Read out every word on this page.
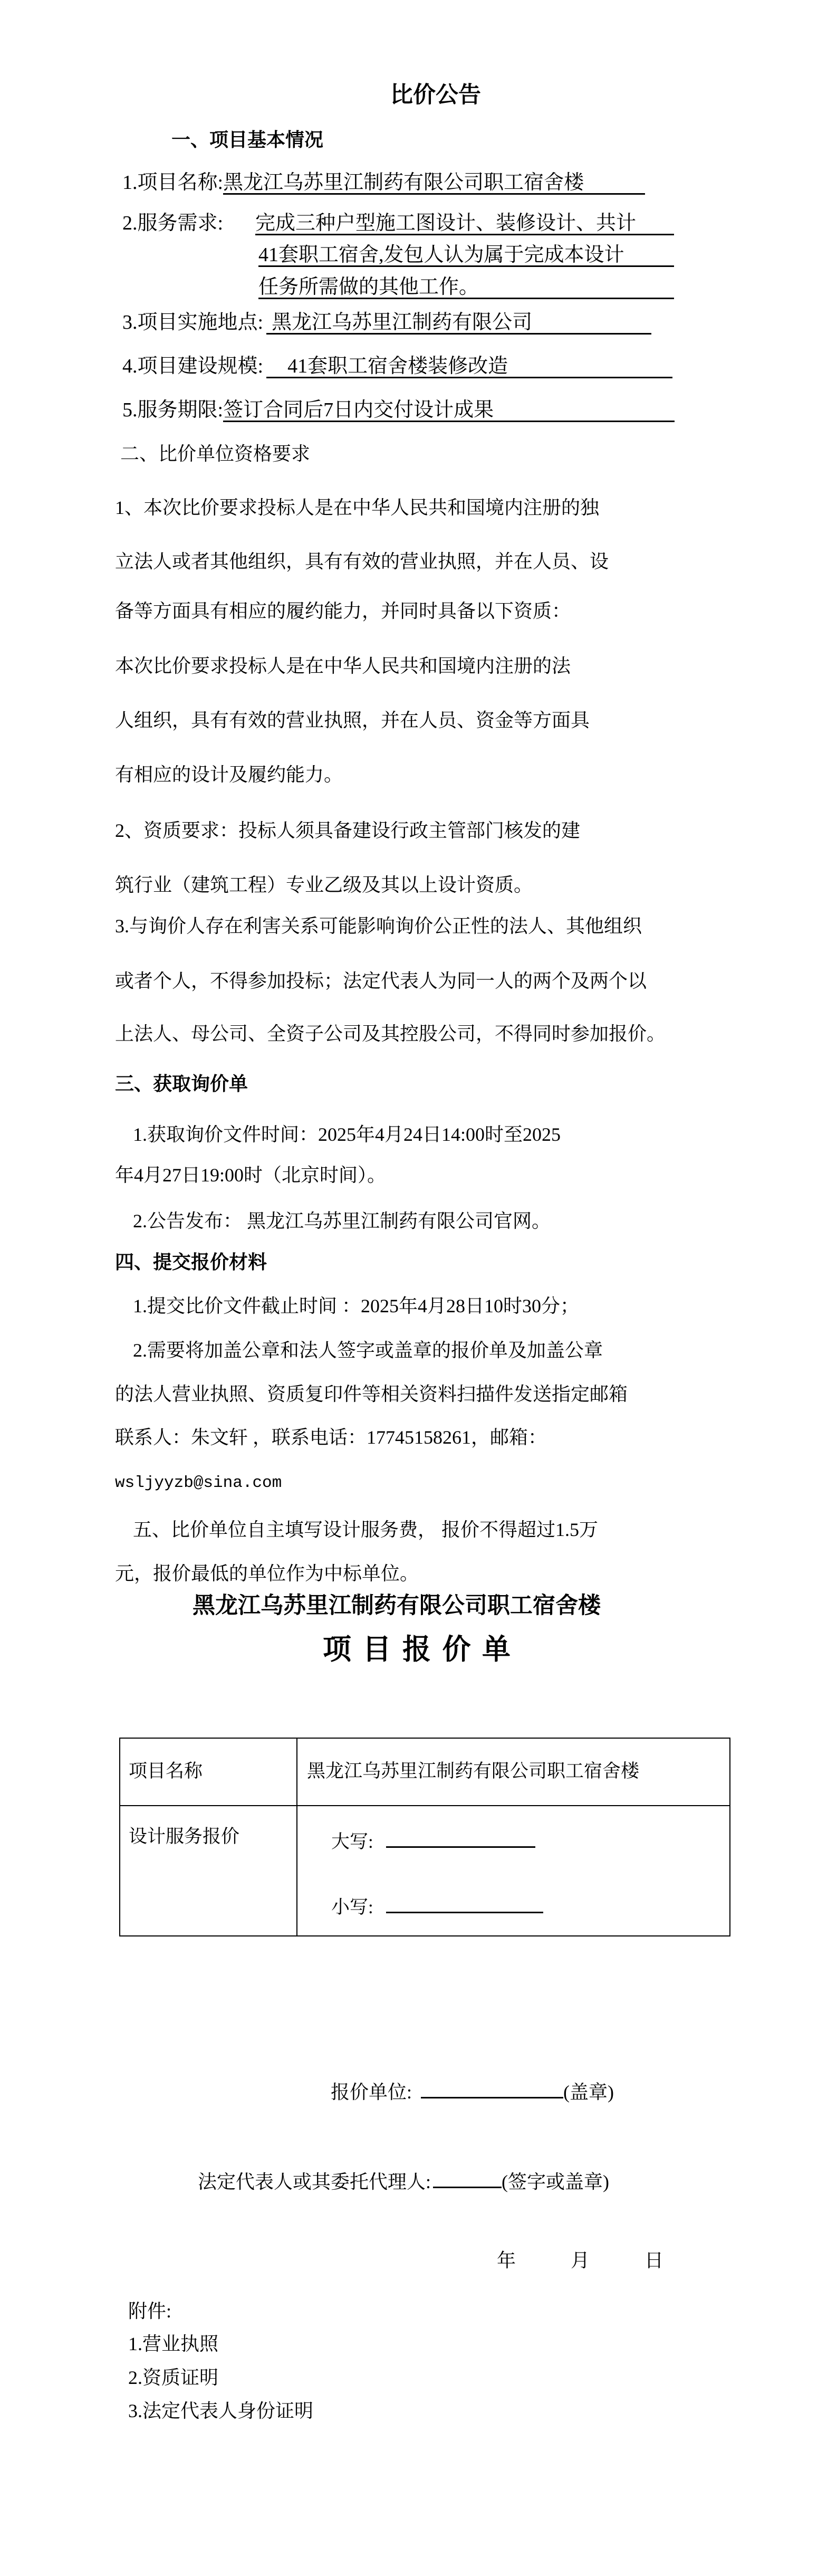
比价公告
一、项目基本情况
1.项目名称:黑龙江乌苏里江制药有限公司职工宿舍楼
2.服务需求: 完成三种户型施工图设计、装修设计、共计
41套职工宿舍,发包人认为属于完成本设计
任务所需做的其他工作。
3.项目实施地点: 黑龙江乌苏里江制药有限公司
4.项目建设规模: 41套职工宿舍楼装修改造
5.服务期限:签订合同后7日内交付设计成果
二、比价单位资格要求
1、本次比价要求投标人是在中华人民共和国境内注册的独
立法人或者其他组织，具有有效的营业执照，并在人员、设
备等方面具有相应的履约能力，并同时具备以下资质：
本次比价要求投标人是在中华人民共和国境内注册的法
人组织，具有有效的营业执照，并在人员、资金等方面具
有相应的设计及履约能力。
2、资质要求：投标人须具备建设行政主管部门核发的建
筑行业（建筑工程）专业乙级及其以上设计资质。
3.与询价人存在利害关系可能影响询价公正性的法人、其他组织
或者个人，不得参加投标；法定代表人为同一人的两个及两个以
上法人、母公司、全资子公司及其控股公司，不得同时参加报价。
三、获取询价单
1.获取询价文件时间：2025年4月24日14:00时至2025
年4月27日19:00时（北京时间）。
2.公告发布： 黑龙江乌苏里江制药有限公司官网。
四、提交报价材料
1.提交比价文件截止时间 ：2025年4月28日10时30分；
2.需要将加盖公章和法人签字或盖章的报价单及加盖公章
的法人营业执照、资质复印件等相关资料扫描件发送指定邮箱
联系人：朱文轩 ，联系电话：17745158261，邮箱：
wsljyyzb@sina.com
五、比价单位自主填写设计服务费， 报价不得超过1.5万
元，报价最低的单位作为中标单位。
黑龙江乌苏里江制药有限公司职工宿舍楼
项 目 报 价 单
项目名称	黑龙江乌苏里江制药有限公司职工宿舍楼
设计服务报价	大写:
小写:
报价单位:	(盖章)
法定代表人或其委托代理人:	(签字或盖章)
年	月	日
附件:
1.营业执照
2.资质证明
3.法定代表人身份证明
